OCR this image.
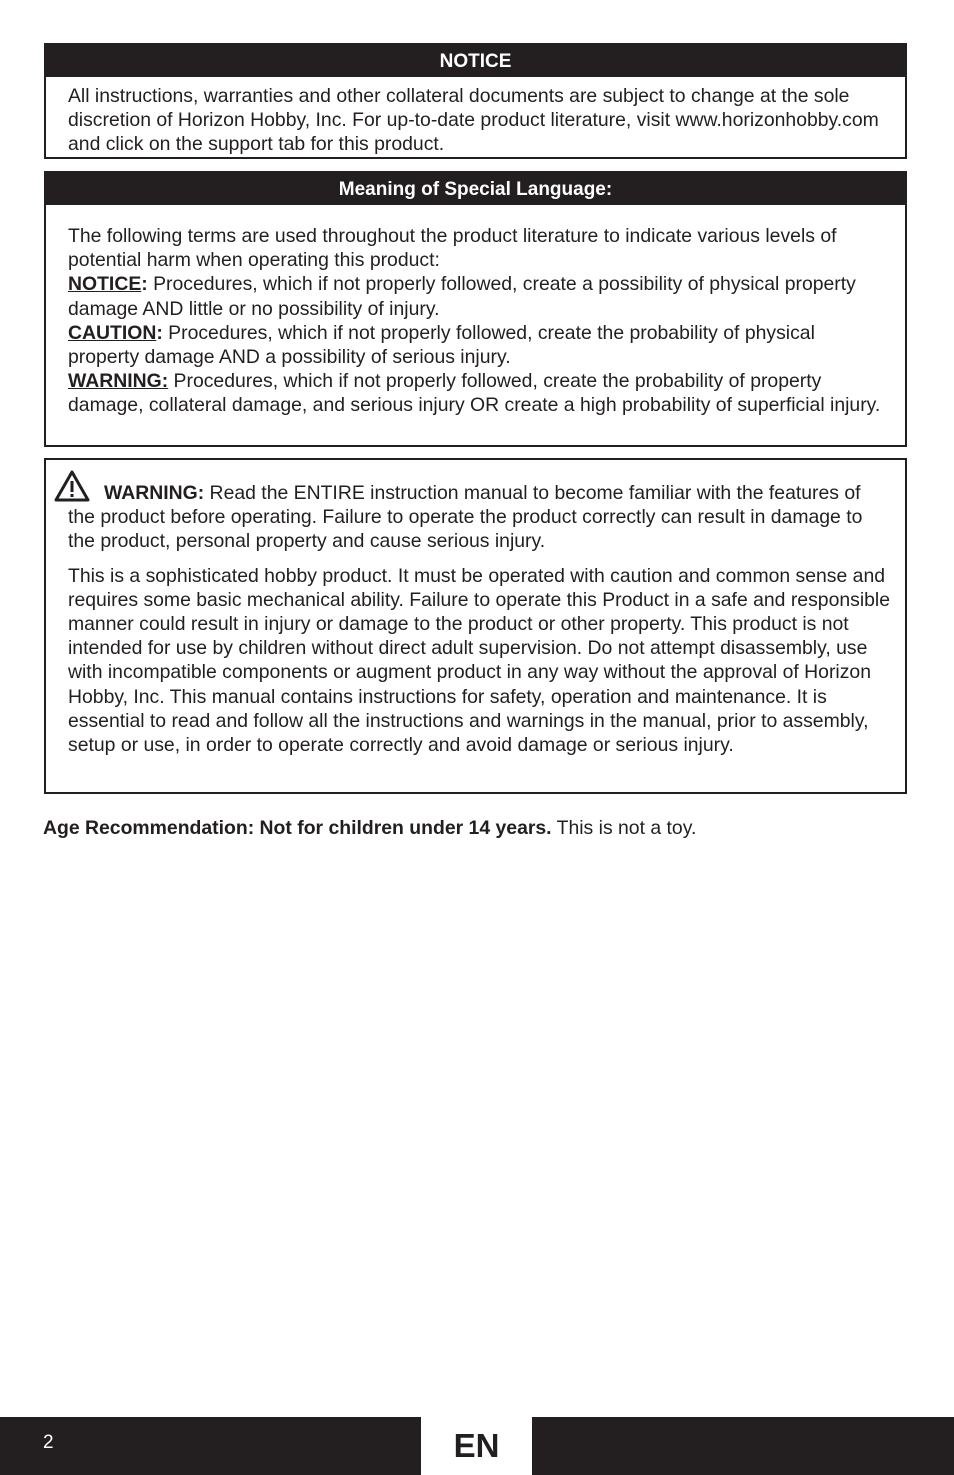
NOTICE

All instructions, warranties and other collateral documents are subject to change at the sole discretion of Horizon Hobby, Inc. For up-to-date product literature, visit www.horizonhobby.com and click on the support tab for this product.

Meaning of Special Language:
The following terms are used throughout the product literature to indicate various levels of potential harm when operating this product:
NOTICE: Procedures, which if not properly followed, create a possibility of physical property damage AND little or no possibility of injury.
CAUTION: Procedures, which if not properly followed, create the probability of physical property damage AND a possibility of serious injury.
WARNING: Procedures, which if not properly followed, create the probability of property damage, collateral damage, and serious injury OR create a high probability of superficial injury.

WARNING: Read the ENTIRE instruction manual to become familiar with the features of the product before operating. Failure to operate the product correctly can result in damage to the product, personal property and cause serious injury.

This is a sophisticated hobby product. It must be operated with caution and common sense and requires some basic mechanical ability. Failure to operate this Product in a safe and responsible manner could result in injury or damage to the product or other property. This product is not intended for use by children without direct adult supervision. Do not attempt disassembly, use with incompatible components or augment product in any way without the approval of Horizon Hobby, Inc. This manual contains instructions for safety, operation and maintenance. It is essential to read and follow all the instructions and warnings in the manual, prior to assembly, setup or use, in order to operate correctly and avoid damage or serious injury.

Age Recommendation: Not for children under 14 years. This is not a toy.
2	EN
